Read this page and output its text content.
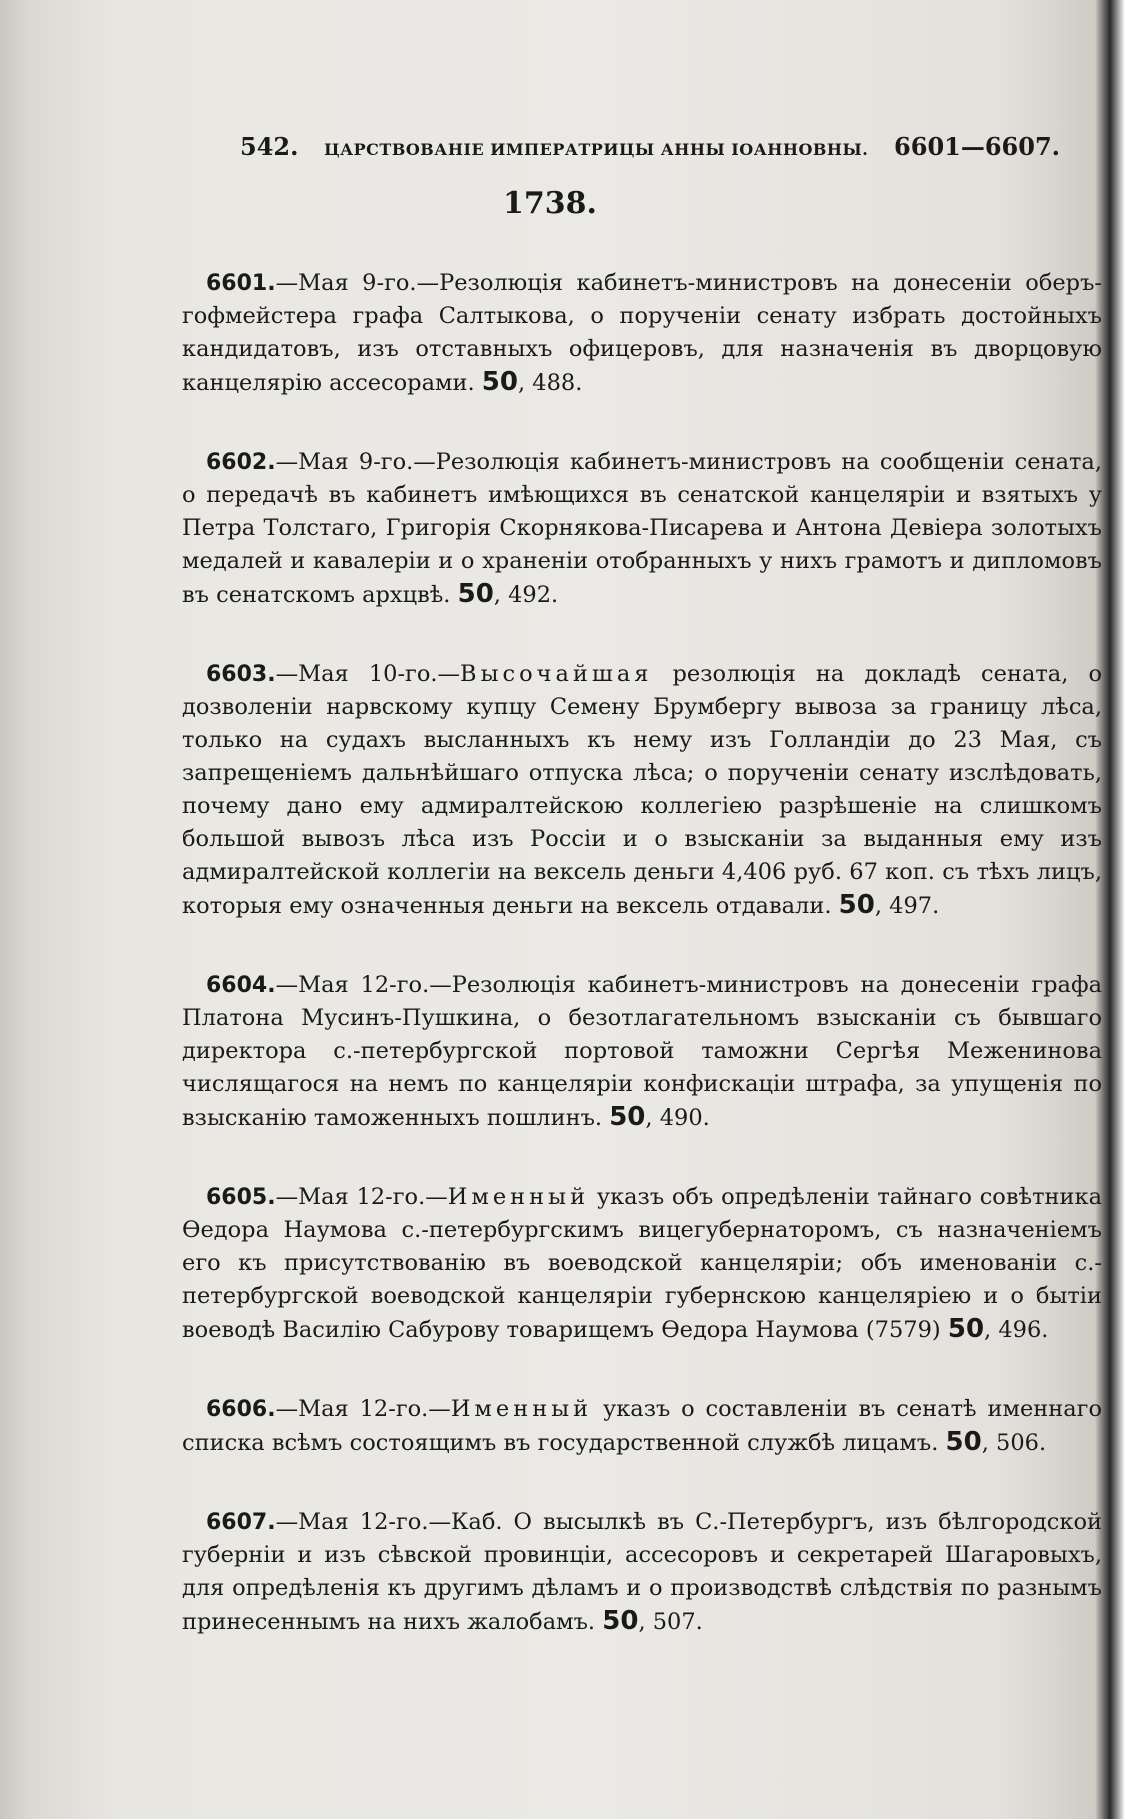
542. ЦАРСТВОВАНІЕ ИМПЕРАТРИЦЫ АННЫ ІОАННОВНЫ. 6601—6607.
1738.

6601.—Мая 9-го.—Резолюція кабинетъ-министровъ на донесеніи оберъ-гофмейстера графа Салтыкова, о порученіи сенату избрать достойныхъ кандидатовъ, изъ отставныхъ офицеровъ, для назначенія въ дворцовую канцелярію ассесорами. 50, 488.

6602.—Мая 9-го.—Резолюція кабинетъ-министровъ на сообщеніи сената, о передачѣ въ кабинетъ имѣющихся въ сенатской канцеляріи и взятыхъ у Петра Толстаго, Григорія Скорнякова-Писарева и Антона Девіера золотыхъ медалей и кавалеріи и о храненіи отобранныхъ у нихъ грамотъ и дипломовъ въ сенатскомъ архцвѣ. 50, 492.

6603.—Мая 10-го.—Высочайшая резолюція на докладѣ сената, о дозволеніи нарвскому купцу Семену Брумбергу вывоза за границу лѣса, только на судахъ высланныхъ къ нему изъ Голландіи до 23 Мая, съ запрещеніемъ дальнѣйшаго отпуска лѣса; о порученіи сенату изслѣдовать, почему дано ему адмиралтейскою коллегіею разрѣшеніе на слишкомъ большой вывозъ лѣса изъ Россіи и о взысканіи за выданныя ему изъ адмиралтейской коллегіи на вексель деньги 4,406 руб. 67 коп. съ тѣхъ лицъ, которыя ему означенныя деньги на вексель отдавали. 50, 497.

6604.—Мая 12-го.—Резолюція кабинетъ-министровъ на донесеніи графа Платона Мусинъ-Пушкина, о безотлагательномъ взысканіи съ бывшаго директора с.-петербургской портовой таможни Сергѣя Меженинова числящагося на немъ по канцеляріи конфискаціи штрафа, за упущенія по взысканію таможенныхъ пошлинъ. 50, 490.

6605.—Мая 12-го.—Именный указъ объ опредѣленіи тайнаго совѣтника Ѳедора Наумова с.-петербургскимъ вицегубернаторомъ, съ назначеніемъ его къ присутствованію въ воеводской канцеляріи; объ именованіи с.-петербургской воеводской канцеляріи губернскою канцеляріею и о бытіи воеводѣ Василію Сабурову товарищемъ Ѳедора Наумова (7579) 50, 496.

6606.—Мая 12-го.—Именный указъ о составленіи въ сенатѣ именнаго списка всѣмъ состоящимъ въ государственной службѣ лицамъ. 50, 506.

6607.—Мая 12-го.—Каб. О высылкѣ въ С.-Петербургъ, изъ бѣлгородской губерніи и изъ сѣвской провинціи, ассесоровъ и секретарей Шагаровыхъ, для опредѣленія къ другимъ дѣламъ и о производствѣ слѣдствія по разнымъ принесеннымъ на нихъ жалобамъ. 50, 507.
